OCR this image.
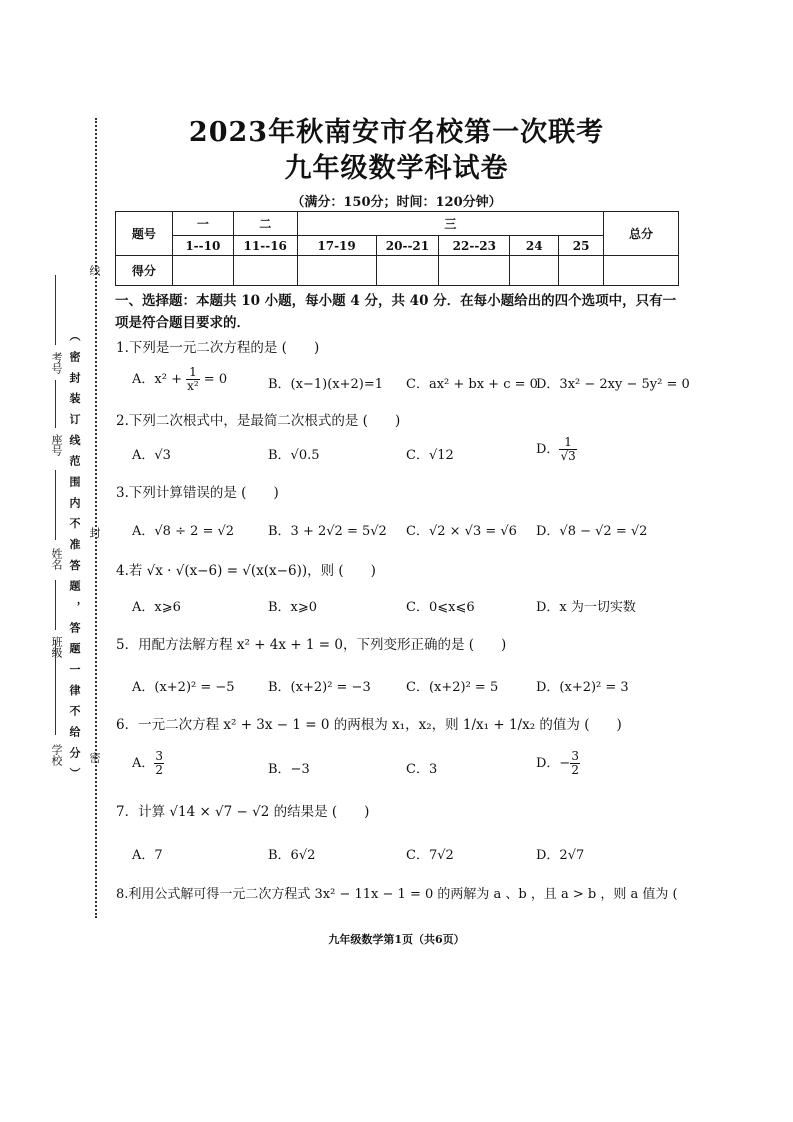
（ 密 封 装 订 线 范 围 内 不 准 答 题 ， 答 题 一 律 不 给 分 ）
学校
班级
姓名
座号
考号
密
封
线
2023年秋南安市名校第一次联考
九年级数学科试卷
（满分：150分；时间：120分钟）
题号	一	二	三					总分
	1--10	11--16	17-19	20--21	22--23	24	25	
得分								
一、选择题：本题共 10 小题，每小题 4 分，共 40 分．在每小题给出的四个选项中，只有一项是符合题目要求的．
1.下列是一元二次方程的是 (　　)
A．$x^2 + \frac{1}{\text{x²}} = 0$	B．(x−1)(x+2)=1 C．ax² + bx + c = 0
D．3x² − 2xy − 5y² = 0
2.下列二次根式中，是最简二次根式的是 (　　)
A．√3	B．√0.5	C．√12	D． $\frac{1}{√3}$
3.下列计算错误的是 (　　)
A．√8 ÷ 2 = √2	B．3 + 2√2 = 5√2 C．√2 × √3 = √6 D．√8 − √2 = √2
4.若 √x · √(x−6) = √(x(x−6))，则 (　　)
A．x⩾6	B．x⩾0	C．0⩽x⩽6	D．x 为一切实数
5．用配方法解方程 x² + 4x + 1 = 0，下列变形正确的是 (　　)
A．(x+2)² = −5	B．(x+2)² = −3	C．(x+2)² = 5	D．(x+2)² = 3
6．一元二次方程 x² + 3x − 1 = 0 的两根为 x₁，x₂，则 1/x₁ + 1/x₂ 的值为 (　　)
A． $\frac{3}{2}$	B．−3	C．3	D．− $\frac{3}{2}$
7．计算 √14 × √7 − √2 的结果是 (　　)
A．7	B．6√2	C．7√2	D．2√7
8.利用公式解可得一元二次方程式 3x² − 11x − 1 = 0 的两解为 a 、b ，且 a > b ，则 a 值为 (
九年级数学第1页（共6页）
